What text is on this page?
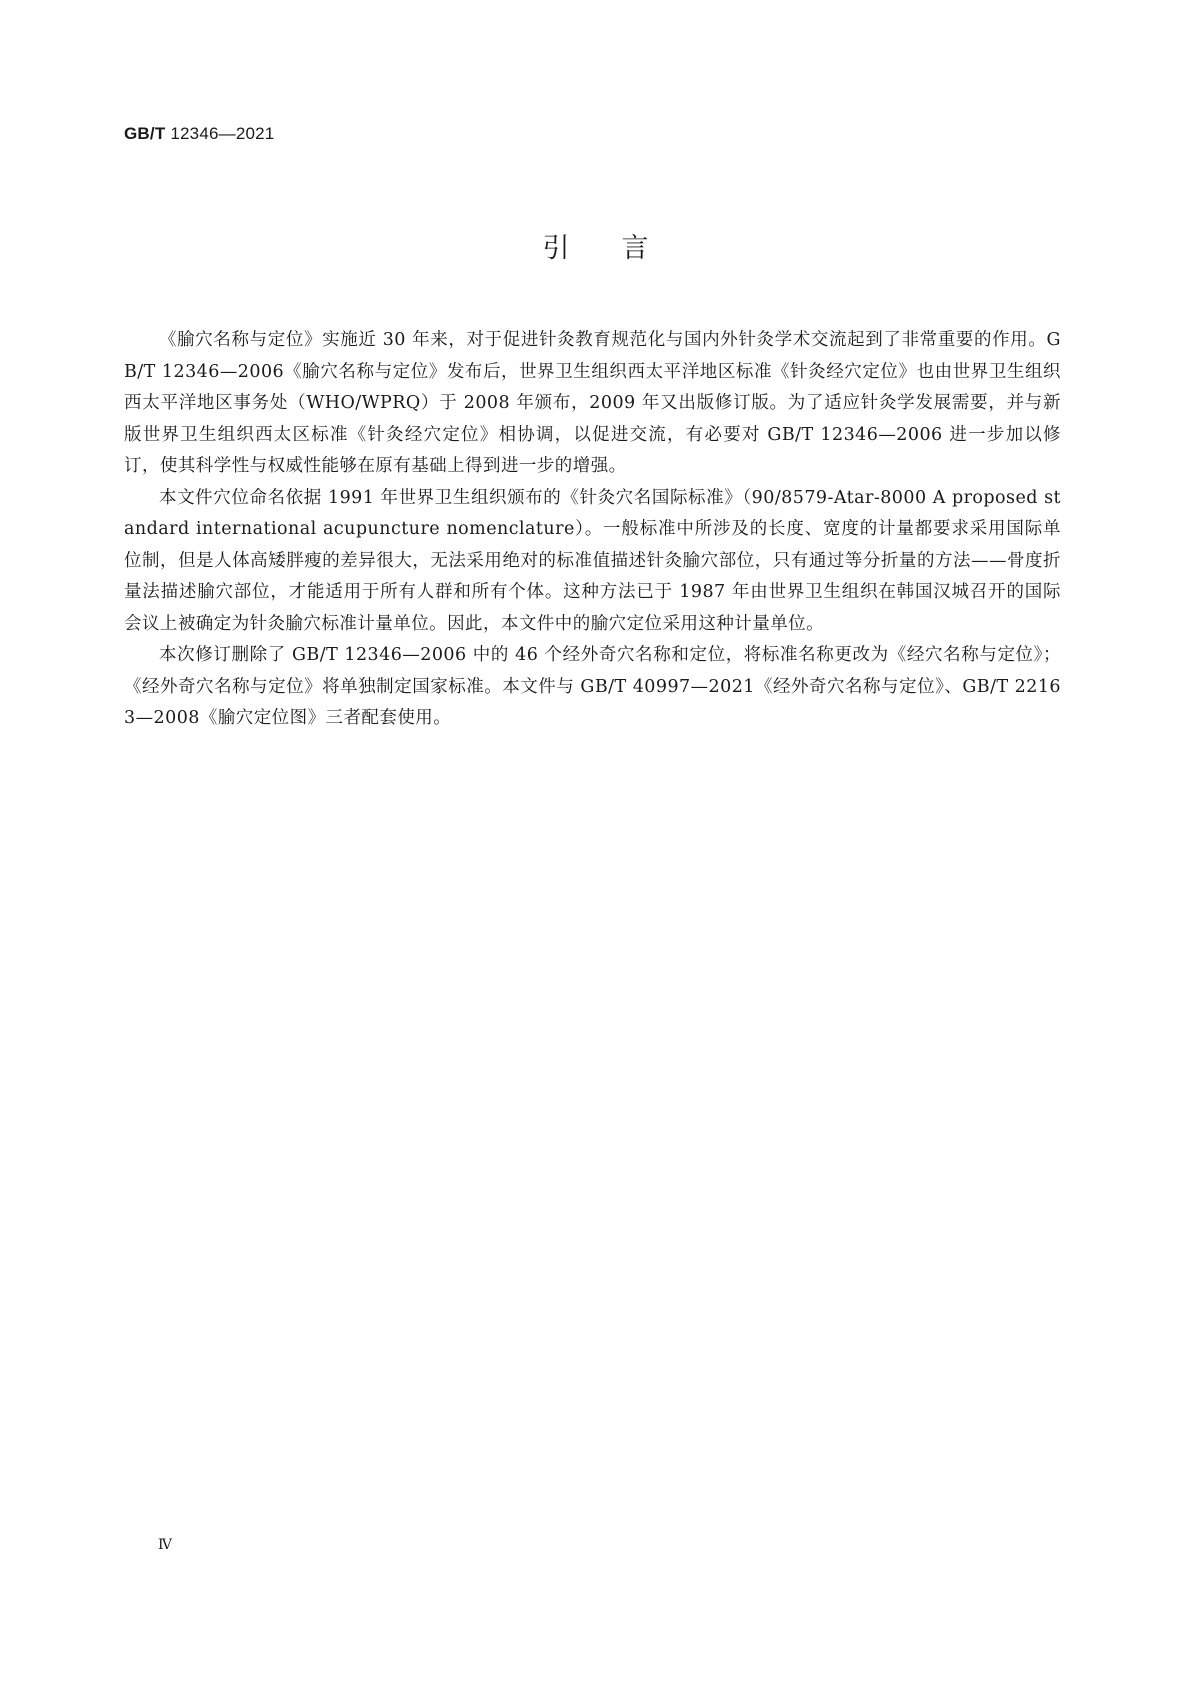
GB/T 12346—2021
引言

《腧穴名称与定位》实施近 30 年来，对于促进针灸教育规范化与国内外针灸学术交流起到了非常重要的作用。GB/T 12346—2006《腧穴名称与定位》发布后，世界卫生组织西太平洋地区标准《针灸经穴定位》也由世界卫生组织西太平洋地区事务处（WHO/WPRQ）于 2008 年颁布，2009 年又出版修订版。为了适应针灸学发展需要，并与新版世界卫生组织西太区标准《针灸经穴定位》相协调，以促进交流，有必要对 GB/T 12346—2006 进一步加以修订，使其科学性与权威性能够在原有基础上得到进一步的增强。

本文件穴位命名依据 1991 年世界卫生组织颁布的《针灸穴名国际标准》（90/8579-Atar-8000 A proposed standard international acupuncture nomenclature）。一般标准中所涉及的长度、宽度的计量都要求采用国际单位制，但是人体高矮胖瘦的差异很大，无法采用绝对的标准值描述针灸腧穴部位，只有通过等分折量的方法——骨度折量法描述腧穴部位，才能适用于所有人群和所有个体。这种方法已于 1987 年由世界卫生组织在韩国汉城召开的国际会议上被确定为针灸腧穴标准计量单位。因此，本文件中的腧穴定位采用这种计量单位。

本次修订删除了 GB/T 12346—2006 中的 46 个经外奇穴名称和定位，将标准名称更改为《经穴名称与定位》；《经外奇穴名称与定位》将单独制定国家标准。本文件与 GB/T 40997—2021《经外奇穴名称与定位》、GB/T 22163—2008《腧穴定位图》三者配套使用。

Ⅳ
